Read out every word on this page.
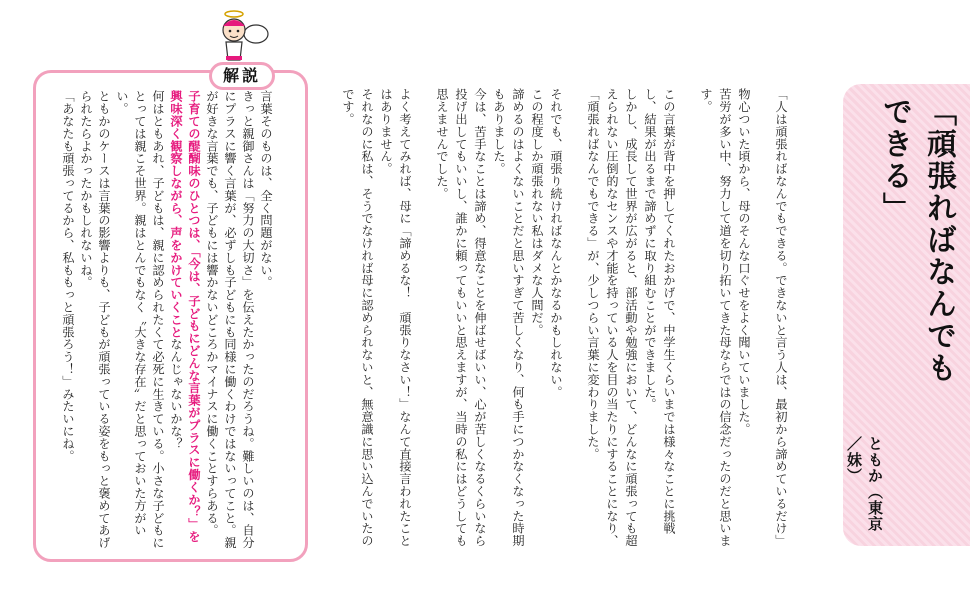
「頑張ればなんでもできる」
ともか（東京／妹）

「人は頑張ればなんでもできる。できないと言う人は、最初から諦めているだけ」

物心ついた頃から、母のそんな口ぐせをよく聞いていました。

苦労が多い中、努力して道を切り拓いてきた母ならではの信念だったのだと思います。

この言葉が背中を押してくれたおかげで、中学生くらいまでは様々なことに挑戦し、結果が出るまで諦めずに取り組むことができました。

しかし、成長して世界が広がると、部活動や勉強において、どんなに頑張っても超えられない圧倒的なセンスや才能を持っている人を目の当たりにすることになり、「頑張ればなんでもできる」が、少しつらい言葉に変わりました。

それでも、頑張り続ければなんとかなるかもしれない。

この程度しか頑張れない私はダメな人間だ。

諦めるのはよくないことだと思いすぎて苦しくなり、何も手につかなくなった時期もありました。

今は、苦手なことは諦め、得意なことを伸ばせばいい、心が苦しくなるくらいなら投げ出してもいいし、誰かに頼ってもいいと思えますが、当時の私にはどうしても思えませんでした。

よく考えてみれば、母に「諦めるな！　頑張りなさい！」なんて直接言われたことはありません。

それなのに私は、そうでなければ母に認められないと、無意識に思い込んでいたのです。

解説

言葉そのものは、全く問題がない。

きっと親御さんは「努力の大切さ」を伝えたかったのだろうね。難しいのは、自分にプラスに響く言葉が、必ずしも子どもにも同様に働くわけではないってこと。親が好きな言葉でも、子どもには響かないどころかマイナスに働くことすらある。

子育ての醍醐味のひとつは、「今は、子どもにどんな言葉がプラスに働くか？」を興味深く観察しながら、声をかけていくことなんじゃないかな？

何はともあれ、子どもは、親に認められたくて必死に生きている。小さな子どもにとっては親こそ世界。親はとんでもなく〝大きな存在〟だと思っておいた方がいい。

ともかのケースは言葉の影響よりも、子どもが頑張っている姿をもっと褒めてあげられたらよかったかもしれないね。

「あなたも頑張ってるから、私ももっと頑張ろう！」みたいにね。
